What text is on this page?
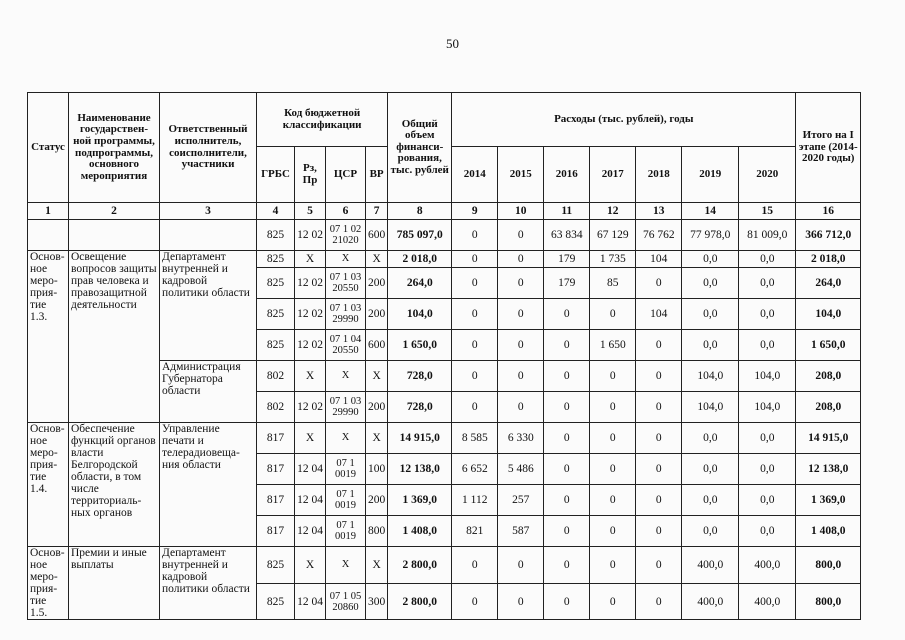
50
Статус	Наименование государствен-ной программы, подпрограммы, основного мероприятия	Ответственный исполнитель, соисполнители, участники	Код бюджетной классификации				Общий объем финанси-рования, тыс. рублей	Расходы (тыс. рублей), годы							Итого на I этапе (2014-2020 годы)
			ГРБС	Рз, Пр	ЦСР	ВР		2014	2015	2016	2017	2018	2019	2020	
1	2	3	4	5	6	7	8	9	10	11	12	13	14	15	16
			825	12 02	07 1 02 21020	600	785 097,0	0	0	63 834	67 129	76 762	77 978,0	81 009,0	366 712,0
Основ-ное меро-прия-тие 1.3.	Освещение вопросов защиты прав человека и правозащитной деятельности	Департамент внутренней и кадровой политики области	825	Х	Х	Х	2 018,0	0	0	179	1 735	104	0,0	0,0	2 018,0
			825	12 02	07 1 03 20550	200	264,0	0	0	179	85	0	0,0	0,0	264,0
			825	12 02	07 1 03 29990	200	104,0	0	0	0	0	104	0,0	0,0	104,0
			825	12 02	07 1 04 20550	600	1 650,0	0	0	0	1 650	0	0,0	0,0	1 650,0
		Администрация Губернатора области	802	Х	Х	Х	728,0	0	0	0	0	0	104,0	104,0	208,0
			802	12 02	07 1 03 29990	200	728,0	0	0	0	0	0	104,0	104,0	208,0
Основ-ное меро-прия-тие 1.4.	Обеспечение функций органов власти Белгородской области, в том числе территориаль-ных органов	Управление печати и телерадиовеща-ния области	817	Х	Х	Х	14 915,0	8 585	6 330	0	0	0	0,0	0,0	14 915,0
			817	12 04	07 1 0019	100	12 138,0	6 652	5 486	0	0	0	0,0	0,0	12 138,0
			817	12 04	07 1 0019	200	1 369,0	1 112	257	0	0	0	0,0	0,0	1 369,0
			817	12 04	07 1 0019	800	1 408,0	821	587	0	0	0	0,0	0,0	1 408,0
Основ-ное меро-прия-тие 1.5.	Премии и иные выплаты	Департамент внутренней и кадровой политики области	825	Х	Х	Х	2 800,0	0	0	0	0	0	400,0	400,0	800,0
			825	12 04	07 1 05 20860	300	2 800,0	0	0	0	0	0	400,0	400,0	800,0
